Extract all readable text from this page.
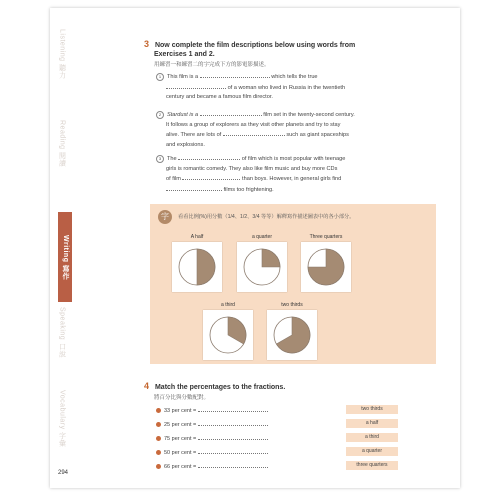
Listening 聽力
Reading 閱讀
Writing 寫作
Speaking 口說
Vocabulary 字彙
3 Now complete the film descriptions below using words from
Exercises 1 and 2.
用練習一和練習二的字完成下方的影電影描述。
1 This film is a	which tells the true
of a woman who lived in Russia in the twentieth
century and became a famous film director.
2 Stardust is a	film set in the twenty-second century.
It follows a group of explorers as they visit other planets and try to stay
alive. There are lots of	such as giant spaceships
and explosions.
3 The	of film which is most popular with teenage
girls is romantic comedy. They also like film music and buy more CDs
of film	than boys. However, in general girls find
films too frightening.
字	看看比例(%)用分數（1/4、1/2、3/4 等等）解釋寫作描述圖表中的各小部分。
A half	a quarter	Three quarters
a third	two thirds
4 Match the percentages to the fractions.
將百分比與分數配對。
33 per cent =
25 per cent =
75 per cent =
50 per cent =
66 per cent =
two thirds
a half
a third
a quarter
three quarters
294
